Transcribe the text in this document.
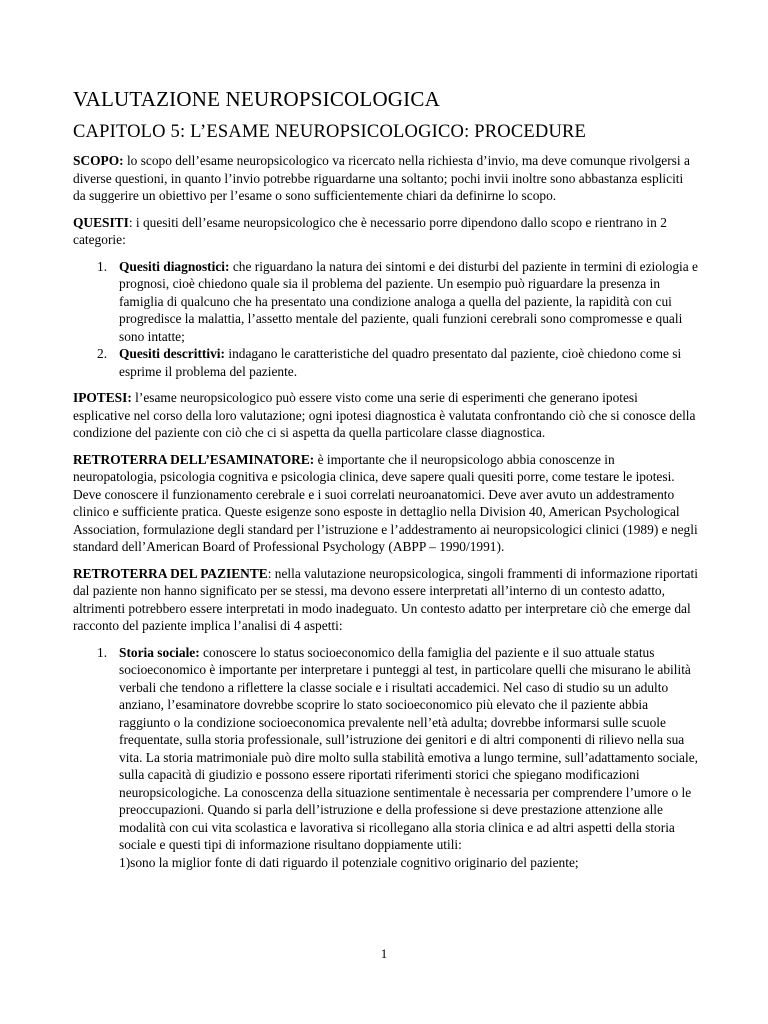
VALUTAZIONE NEUROPSICOLOGICA
CAPITOLO 5: L’ESAME NEUROPSICOLOGICO: PROCEDURE

SCOPO: lo scopo dell’esame neuropsicologico va ricercato nella richiesta d’invio, ma deve comunque rivolgersi a diverse questioni, in quanto l’invio potrebbe riguardarne una soltanto; pochi invii inoltre sono abbastanza espliciti da suggerire un obiettivo per l’esame o sono sufficientemente chiari da definirne lo scopo.

QUESITI: i quesiti dell’esame neuropsicologico che è necessario porre dipendono dallo scopo e rientrano in 2 categorie:

1. Quesiti diagnostici: che riguardano la natura dei sintomi e dei disturbi del paziente in termini di eziologia e prognosi, cioè chiedono quale sia il problema del paziente. Un esempio può riguardare la presenza in famiglia di qualcuno che ha presentato una condizione analoga a quella del paziente, la rapidità con cui progredisce la malattia, l’assetto mentale del paziente, quali funzioni cerebrali sono compromesse e quali sono intatte;
2. Quesiti descrittivi: indagano le caratteristiche del quadro presentato dal paziente, cioè chiedono come si esprime il problema del paziente.

IPOTESI: l’esame neuropsicologico può essere visto come una serie di esperimenti che generano ipotesi esplicative nel corso della loro valutazione; ogni ipotesi diagnostica è valutata confrontando ciò che si conosce della condizione del paziente con ciò che ci si aspetta da quella particolare classe diagnostica.

RETROTERRA DELL’ESAMINATORE: è importante che il neuropsicologo abbia conoscenze in neuropatologia, psicologia cognitiva e psicologia clinica, deve sapere quali quesiti porre, come testare le ipotesi. Deve conoscere il funzionamento cerebrale e i suoi correlati neuroanatomici. Deve aver avuto un addestramento clinico e sufficiente pratica. Queste esigenze sono esposte in dettaglio nella Division 40, American Psychological Association, formulazione degli standard per l’istruzione e l’addestramento ai neuropsicologici clinici (1989) e negli standard dell’American Board of Professional Psychology (ABPP – 1990/1991).

RETROTERRA DEL PAZIENTE: nella valutazione neuropsicologica, singoli frammenti di informazione riportati dal paziente non hanno significato per se stessi, ma devono essere interpretati all’interno di un contesto adatto, altrimenti potrebbero essere interpretati in modo inadeguato. Un contesto adatto per interpretare ciò che emerge dal racconto del paziente implica l’analisi di 4 aspetti:

1. Storia sociale: conoscere lo status socioeconomico della famiglia del paziente e il suo attuale status socioeconomico è importante per interpretare i punteggi al test, in particolare quelli che misurano le abilità verbali che tendono a riflettere la classe sociale e i risultati accademici. Nel caso di studio su un adulto anziano, l’esaminatore dovrebbe scoprire lo stato socioeconomico più elevato che il paziente abbia raggiunto o la condizione socioeconomica prevalente nell’età adulta; dovrebbe informarsi sulle scuole frequentate, sulla storia professionale, sull’istruzione dei genitori e di altri componenti di rilievo nella sua vita. La storia matrimoniale può dire molto sulla stabilità emotiva a lungo termine, sull’adattamento sociale, sulla capacità di giudizio e possono essere riportati riferimenti storici che spiegano modificazioni neuropsicologiche. La conoscenza della situazione sentimentale è necessaria per comprendere l’umore o le preoccupazioni. Quando si parla dell’istruzione e della professione si deve prestazione attenzione alle modalità con cui vita scolastica e lavorativa si ricollegano alla storia clinica e ad altri aspetti della storia sociale e questi tipi di informazione risultano doppiamente utili:
1)sono la miglior fonte di dati riguardo il potenziale cognitivo originario del paziente;
1
